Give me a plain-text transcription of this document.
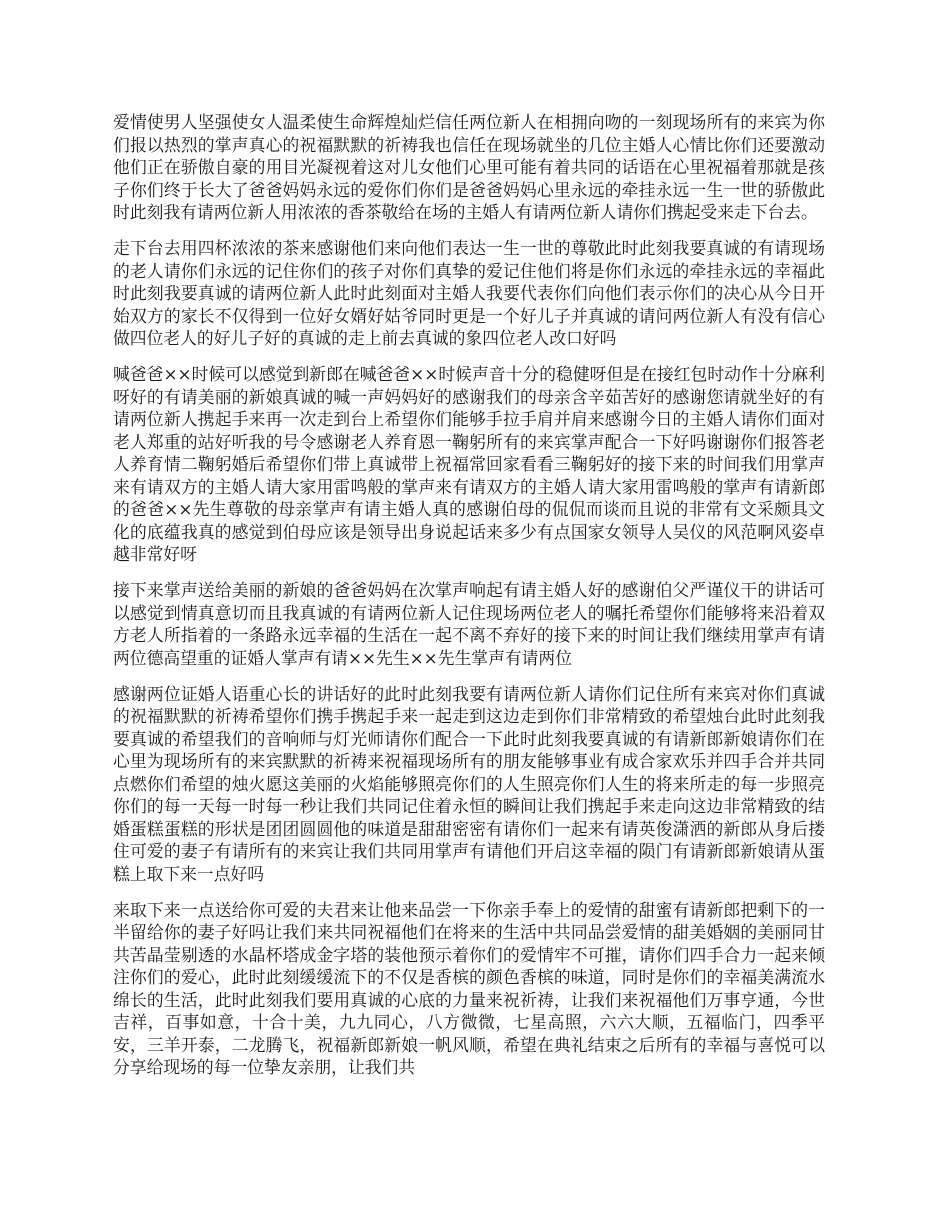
爱情使男人坚强使女人温柔使生命辉煌灿烂信任两位新人在相拥向吻的一刻现场所有的来宾为你们报以热烈的掌声真心的祝福默默的祈祷我也信任在现场就坐的几位主婚人心情比你们还要激动他们正在骄傲自豪的用目光凝视着这对儿女他们心里可能有着共同的话语在心里祝福着那就是孩子你们终于长大了爸爸妈妈永远的爱你们你们是爸爸妈妈心里永远的牵挂永远一生一世的骄傲此时此刻我有请两位新人用浓浓的香茶敬给在场的主婚人有请两位新人请你们携起受来走下台去。

走下台去用四杯浓浓的茶来感谢他们来向他们表达一生一世的尊敬此时此刻我要真诚的有请现场的老人请你们永远的记住你们的孩子对你们真挚的爱记住他们将是你们永远的牵挂永远的幸福此时此刻我要真诚的请两位新人此时此刻面对主婚人我要代表你们向他们表示你们的决心从今日开始双方的家长不仅得到一位好女婿好姑爷同时更是一个好儿子并真诚的请问两位新人有没有信心做四位老人的好儿子好的真诚的走上前去真诚的象四位老人改口好吗

喊爸爸××时候可以感觉到新郎在喊爸爸××时候声音十分的稳健呀但是在接红包时动作十分麻利呀好的有请美丽的新娘真诚的喊一声妈妈好的感谢我们的母亲含辛茹苦好的感谢您请就坐好的有请两位新人携起手来再一次走到台上希望你们能够手拉手肩并肩来感谢今日的主婚人请你们面对老人郑重的站好听我的号令感谢老人养育恩一鞠躬所有的来宾掌声配合一下好吗谢谢你们报答老人养育情二鞠躬婚后希望你们带上真诚带上祝福常回家看看三鞠躬好的接下来的时间我们用掌声来有请双方的主婚人请大家用雷鸣般的掌声来有请双方的主婚人请大家用雷鸣般的掌声有请新郎的爸爸××先生尊敬的母亲掌声有请主婚人真的感谢伯母的侃侃而谈而且说的非常有文采颇具文化的底蕴我真的感觉到伯母应该是领导出身说起话来多少有点国家女领导人吴仪的风范啊风姿卓越非常好呀

接下来掌声送给美丽的新娘的爸爸妈妈在次掌声响起有请主婚人好的感谢伯父严谨仪干的讲话可以感觉到情真意切而且我真诚的有请两位新人记住现场两位老人的嘱托希望你们能够将来沿着双方老人所指着的一条路永远幸福的生活在一起不离不弃好的接下来的时间让我们继续用掌声有请两位德高望重的证婚人掌声有请××先生××先生掌声有请两位

感谢两位证婚人语重心长的讲话好的此时此刻我要有请两位新人请你们记住所有来宾对你们真诚的祝福默默的祈祷希望你们携手携起手来一起走到这边走到你们非常精致的希望烛台此时此刻我要真诚的希望我们的音响师与灯光师请你们配合一下此时此刻我要真诚的有请新郎新娘请你们在心里为现场所有的来宾默默的祈祷来祝福现场所有的朋友能够事业有成合家欢乐并四手合并共同点燃你们希望的烛火愿这美丽的火焰能够照亮你们的人生照亮你们人生的将来所走的每一步照亮你们的每一天每一时每一秒让我们共同记住着永恒的瞬间让我们携起手来走向这边非常精致的结婚蛋糕蛋糕的形状是团团圆圆他的味道是甜甜密密有请你们一起来有请英俊潇洒的新郎从身后搂住可爱的妻子有请所有的来宾让我们共同用掌声有请他们开启这幸福的陨门有请新郎新娘请从蛋糕上取下来一点好吗

来取下来一点送给你可爱的夫君来让他来品尝一下你亲手奉上的爱情的甜蜜有请新郎把剩下的一半留给你的妻子好吗让我们来共同祝福他们在将来的生活中共同品尝爱情的甜美婚姻的美丽同甘共苦晶莹剔透的水晶杯塔成金字塔的装他预示着你们的爱情牢不可摧，请你们四手合力一起来倾注你们的爱心，此时此刻缓缓流下的不仅是香槟的颜色香槟的味道，同时是你们的幸福美满流水绵长的生活，此时此刻我们要用真诚的心底的力量来祝祈祷，让我们来祝福他们万事亨通，今世吉祥，百事如意，十合十美，九九同心，八方微微，七星高照，六六大顺，五福临门，四季平安，三羊开泰，二龙腾飞，祝福新郎新娘一帆风顺，希望在典礼结束之后所有的幸福与喜悦可以分享给现场的每一位挚友亲朋，让我们共
